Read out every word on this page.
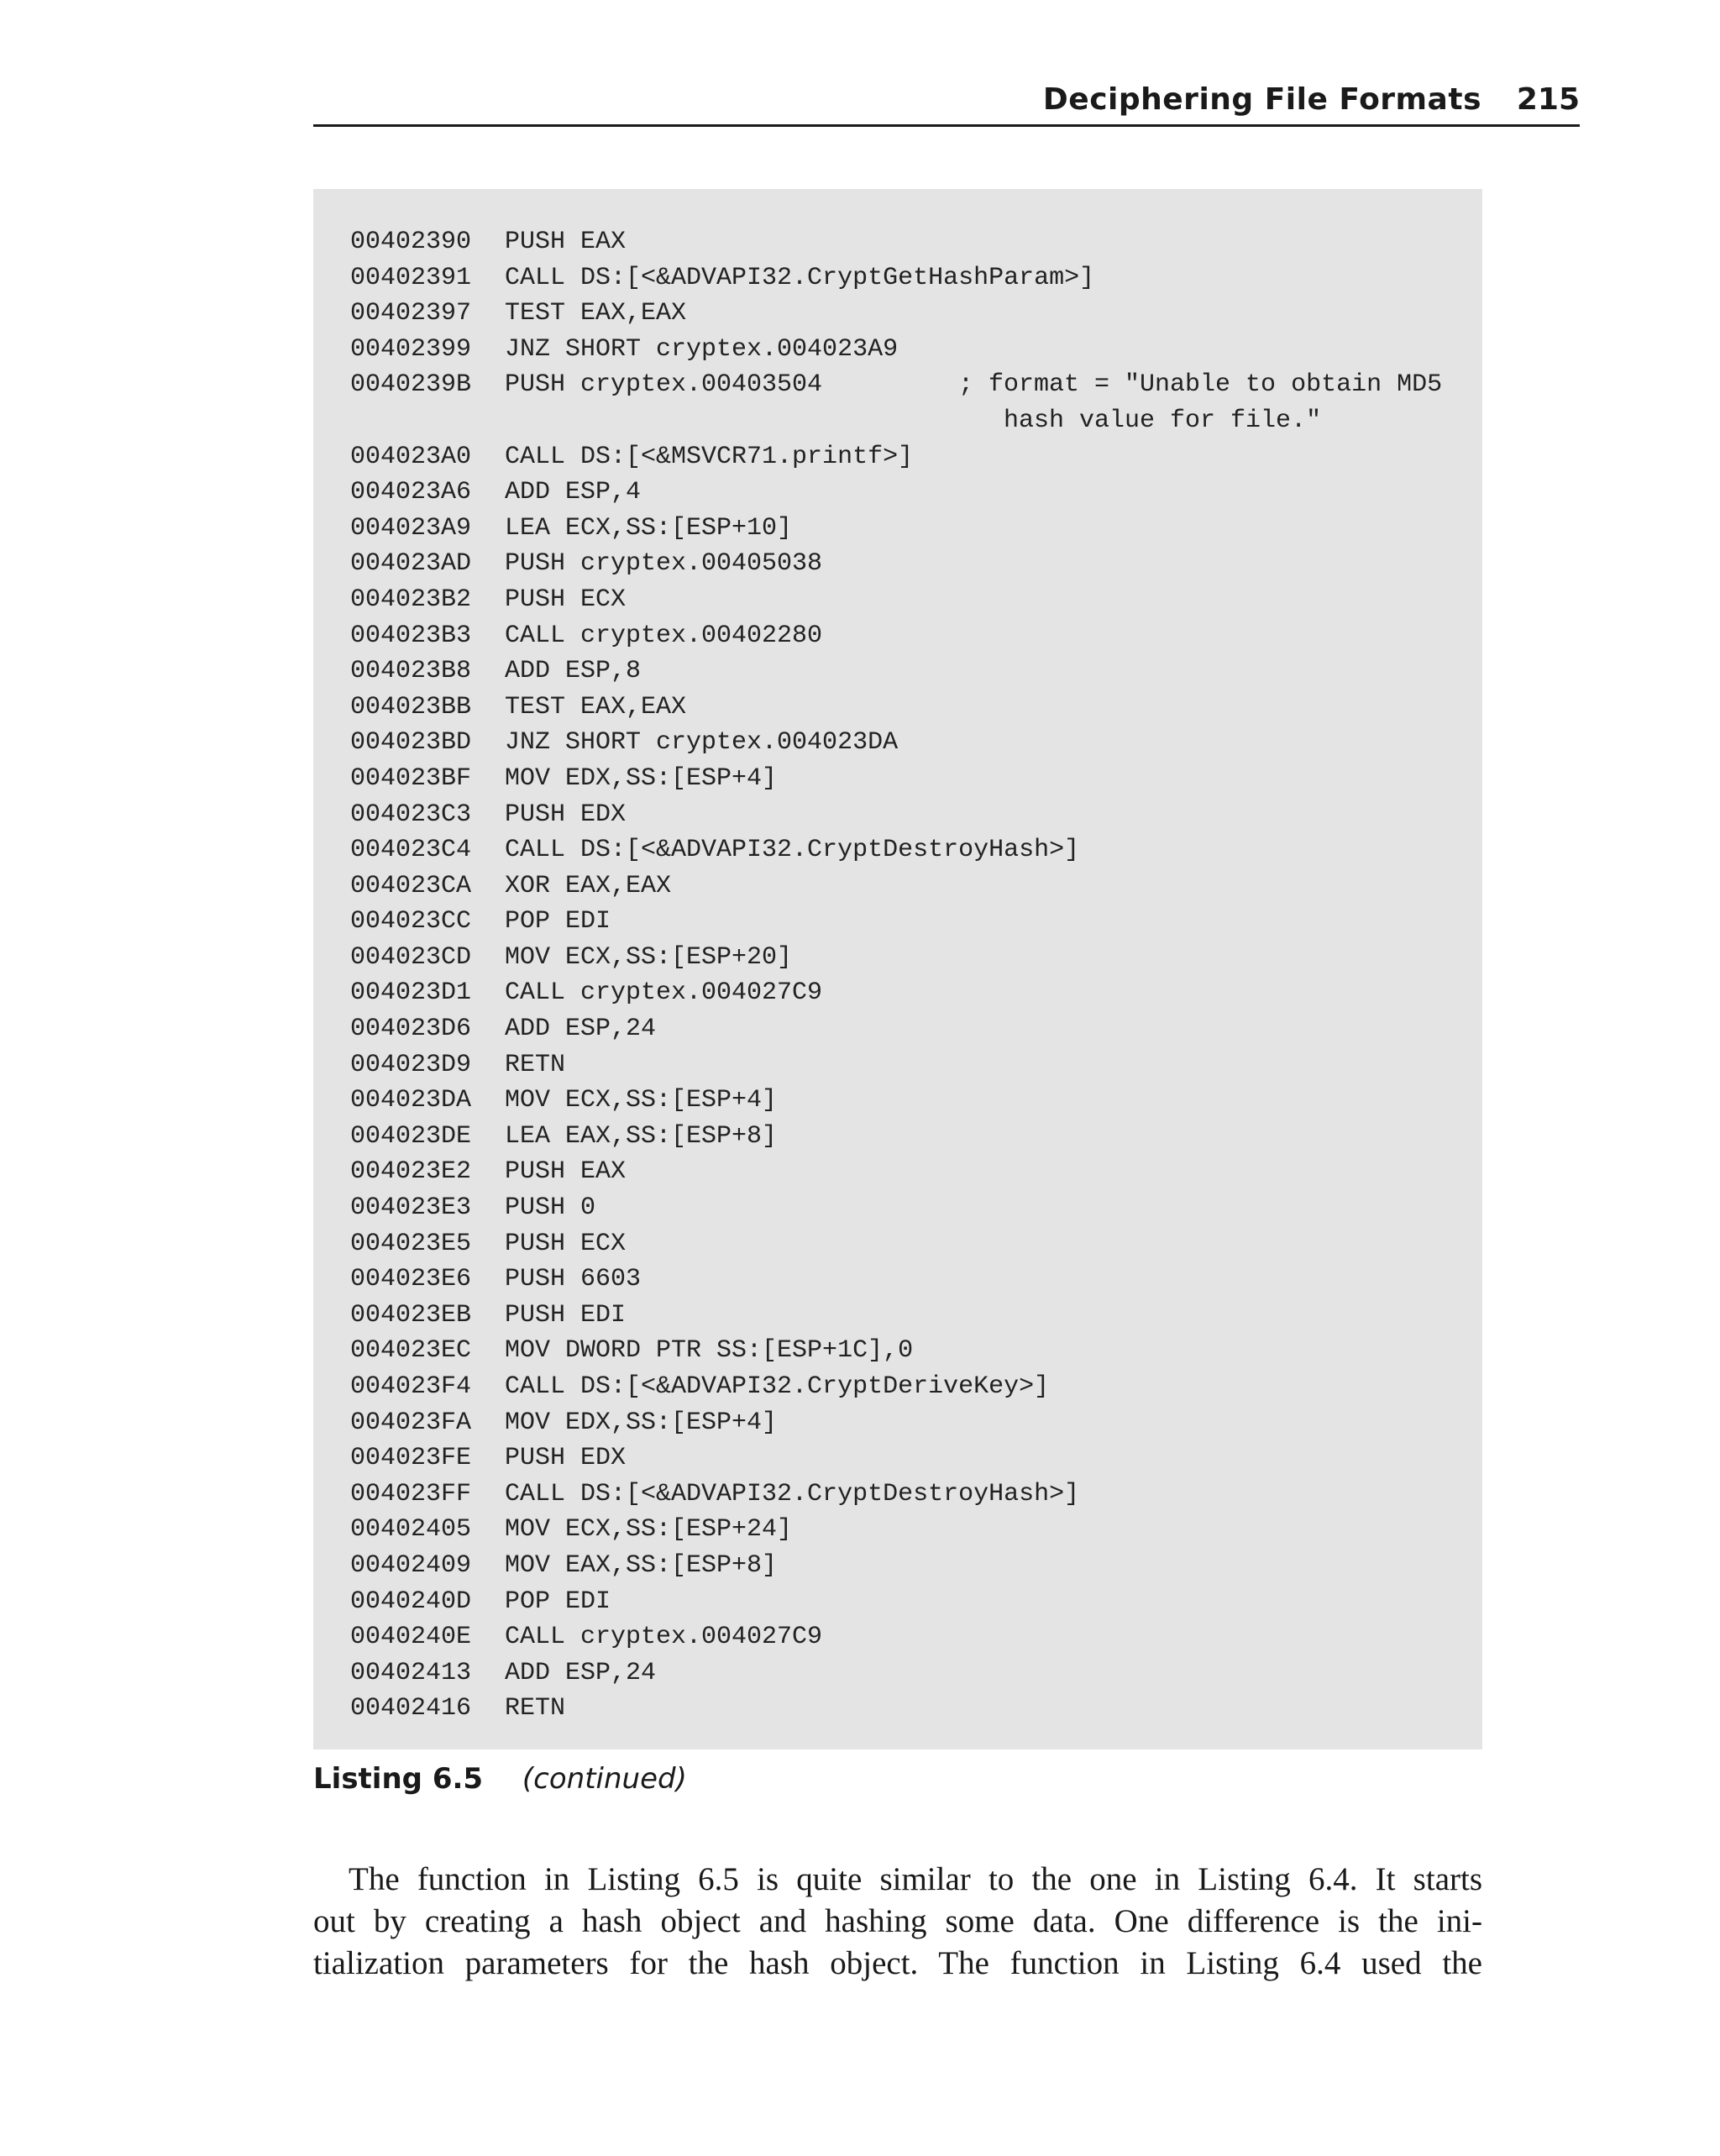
Deciphering File Formats 215
00402390 PUSH EAX
00402391 CALL DS:[<&ADVAPI32.CryptGetHashParam>]
00402397 TEST EAX,EAX
00402399 JNZ SHORT cryptex.004023A9
0040239B PUSH cryptex.00403504	; format = "Unable to obtain MD5
hash value for file."
004023A0 CALL DS:[<&MSVCR71.printf>]
004023A6 ADD ESP,4
004023A9 LEA ECX,SS:[ESP+10]
004023AD PUSH cryptex.00405038
004023B2 PUSH ECX
004023B3 CALL cryptex.00402280
004023B8 ADD ESP,8
004023BB TEST EAX,EAX
004023BD JNZ SHORT cryptex.004023DA
004023BF MOV EDX,SS:[ESP+4]
004023C3 PUSH EDX
004023C4 CALL DS:[<&ADVAPI32.CryptDestroyHash>]
004023CA XOR EAX,EAX
004023CC POP EDI
004023CD MOV ECX,SS:[ESP+20]
004023D1 CALL cryptex.004027C9
004023D6 ADD ESP,24
004023D9 RETN
004023DA MOV ECX,SS:[ESP+4]
004023DE LEA EAX,SS:[ESP+8]
004023E2 PUSH EAX
004023E3 PUSH 0
004023E5 PUSH ECX
004023E6 PUSH 6603
004023EB PUSH EDI
004023EC MOV DWORD PTR SS:[ESP+1C],0
004023F4 CALL DS:[<&ADVAPI32.CryptDeriveKey>]
004023FA MOV EDX,SS:[ESP+4]
004023FE PUSH EDX
004023FF CALL DS:[<&ADVAPI32.CryptDestroyHash>]
00402405 MOV ECX,SS:[ESP+24]
00402409 MOV EAX,SS:[ESP+8]
0040240D POP EDI
0040240E CALL cryptex.004027C9
00402413 ADD ESP,24
00402416 RETN
Listing 6.5 (continued)
The function in Listing 6.5 is quite similar to the one in Listing 6.4. It starts
out by creating a hash object and hashing some data. One difference is the ini-
tialization parameters for the hash object. The function in Listing 6.4 used the
